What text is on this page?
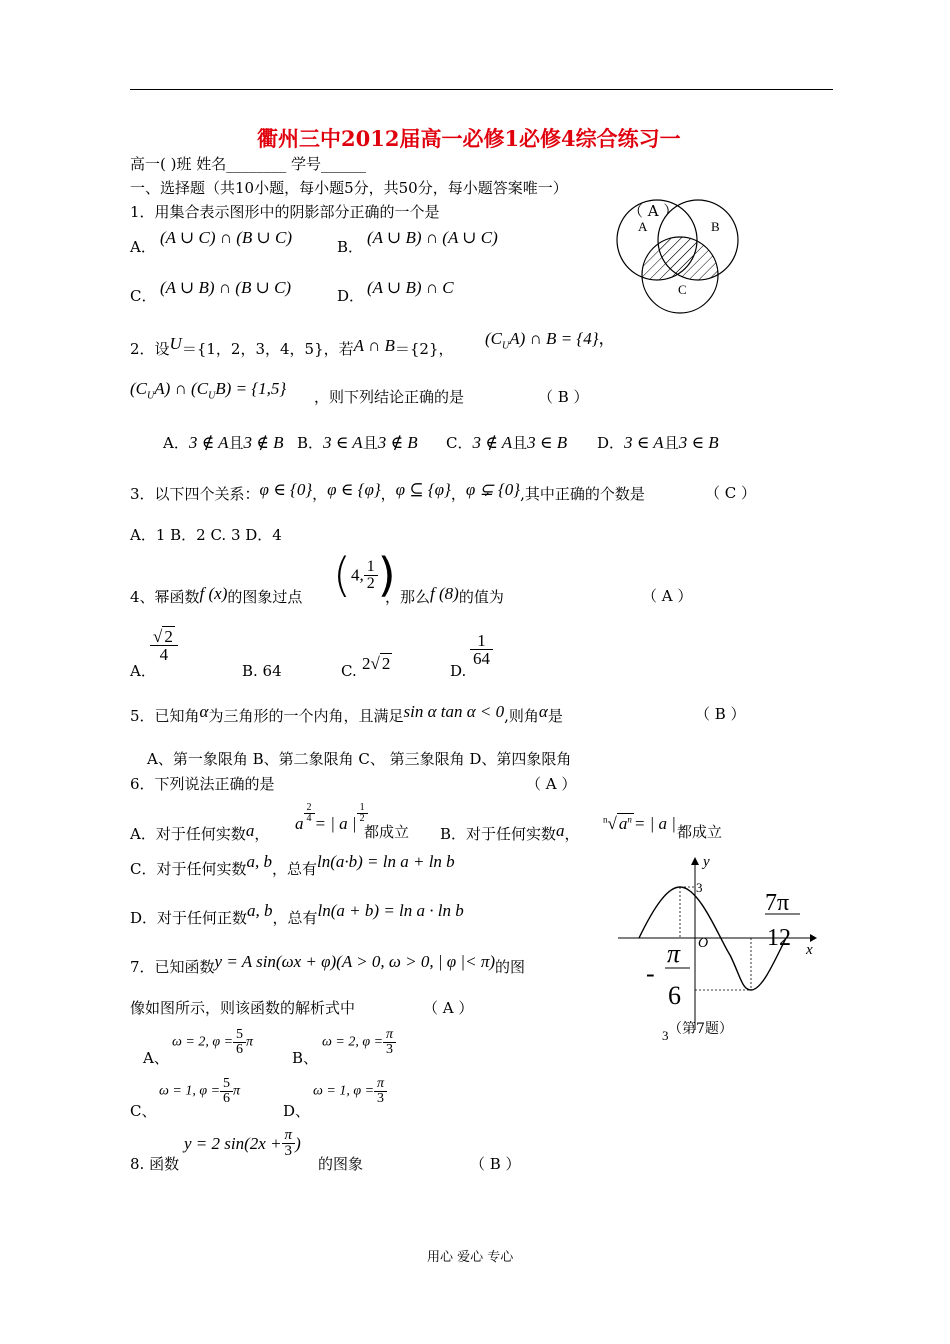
衢州三中2012届高一必修1必修4综合练习一
高一( )班 姓名________ 学号______
一、选择题（共10小题，每小题5分，共50分，每小题答案唯一）
1．用集合表示图形中的阴影部分正确的一个是	（ A ）
A． (A ∪ C) ∩ (B ∪ C)	B． (A ∪ B) ∩ (A ∪ C)
C． (A ∪ B) ∩ (B ∪ C)	D． (A ∪ B) ∩ C
A	B
C
2．设U＝{1，2，3，4，5}，若A ∩ B＝{2}，
$(C_UA)$ ∩ B = {4}，
$(C_UA)$ ∩ $(C_UB) = \{1,5\}$ ，则下列结论正确的是	（ B ）
A．3 ∉ A且3 ∉ B B．3 ∈ A且3 ∉ B C．3 ∉ A且3 ∈ B D．3 ∈ A且3 ∈ B
3．以下四个关系：φ ∈ {0}，φ ∈ {φ}，φ ⊆ {φ}，φ ⊊ {0},其中正确的个数是	（ C ）
A．1 B．2 C. 3 D．4
4、幂函数f (x)的图象过点 (4, $\frac{1}{2}$ )
，那么f (8)的值为	（ A ）
A．
$\frac{√ 2}{4}$
B. 64	C. 2√ 2	D.
$\frac{1}{64}$
5．已知角α为三角形的一个内角，且满足sin α tan α < 0,则角α是	（ B ）
A、第一象限角 B、第二象限角 C、 第三象限角 D、第四象限角
6．下列说法正确的是	（ A ）
A．对于任何实数a，
a $\frac{2}{4}$ = | a | $\frac{1}{2}$
都成立 B．对于任何实数a，
$^n$√ $a^n$ = | a | 都成立
C．对于任何实数a, b，总有ln(a·b) = ln a + ln b
D．对于任何正数a, b，总有ln(a + b) = ln a · ln b
7．已知函数y = A sin(ωx + φ)(A > 0, ω > 0, | φ |< π)的图
像如图所示，则该函数的解析式中	（ A ）
A、
ω = 2, $\varphi = \frac{5}{6}$ π
B、
ω = 2, $\varphi = \frac{\pi}{3}$
C、
ω = 1, $\varphi = \frac{5}{6}$ π
D、
ω = 1, $\varphi = \frac{\pi}{3}$
y
x
O
3
3
7π
12
-
π
6
（第7题）
8. 函数
y = 2 $\sin(2x + \frac{\pi}{3}$ )
的图象	（ B ）
用心 爱心 专心
